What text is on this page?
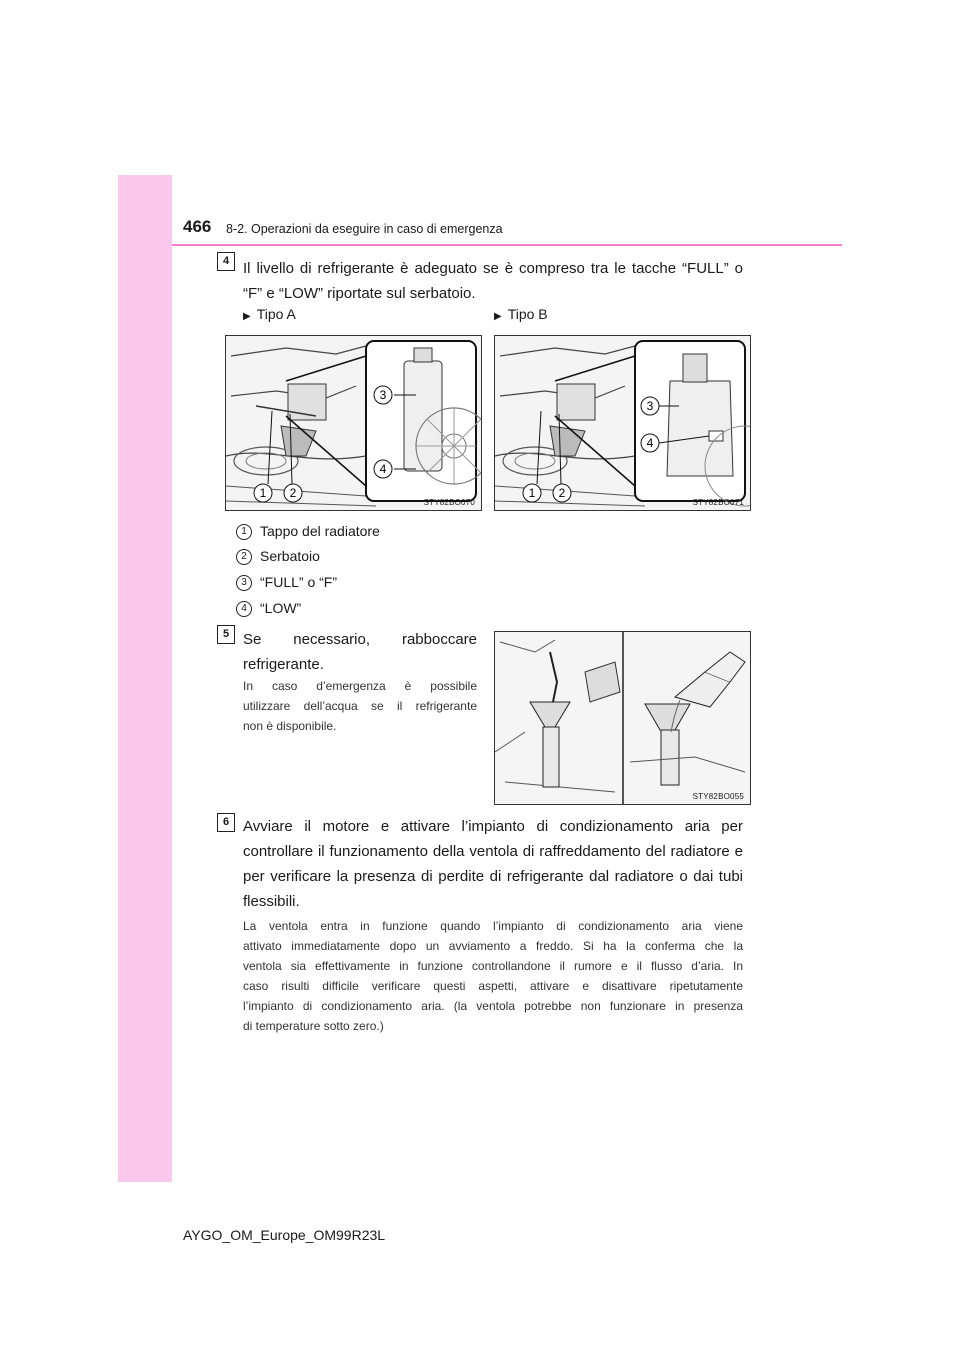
466 8-2. Operazioni da eseguire in caso di emergenza
4 Il livello di refrigerante è adeguato se è compreso tra le tacche “FULL” o
“F” e “LOW” riportate sul serbatoio.
▶ Tipo A	▶ Tipo B
1 2
3
4
STY82BO070
1 2
3
4
STY82BO071
1 Tappo del radiatore
2 Serbatoio
3 “FULL” o “F”
4 “LOW”
5 Se necessario, rabboccare
refrigerante.
In caso d’emergenza è possibile
utilizzare dell’acqua se il refrigerante
non è disponibile.
STY82BO055
6 Avviare il motore e attivare l’impianto di condizionamento aria per
controllare il funzionamento della ventola di raffreddamento del radiatore e
per verificare la presenza di perdite di refrigerante dal radiatore o dai tubi
flessibili.
La ventola entra in funzione quando l’impianto di condizionamento aria viene
attivato immediatamente dopo un avviamento a freddo. Si ha la conferma che la
ventola sia effettivamente in funzione controllandone il rumore e il flusso d’aria. In
caso risulti difficile verificare questi aspetti, attivare e disattivare ripetutamente
l’impianto di condizionamento aria. (la ventola potrebbe non funzionare in presenza
di temperature sotto zero.)
AYGO_OM_Europe_OM99R23L
